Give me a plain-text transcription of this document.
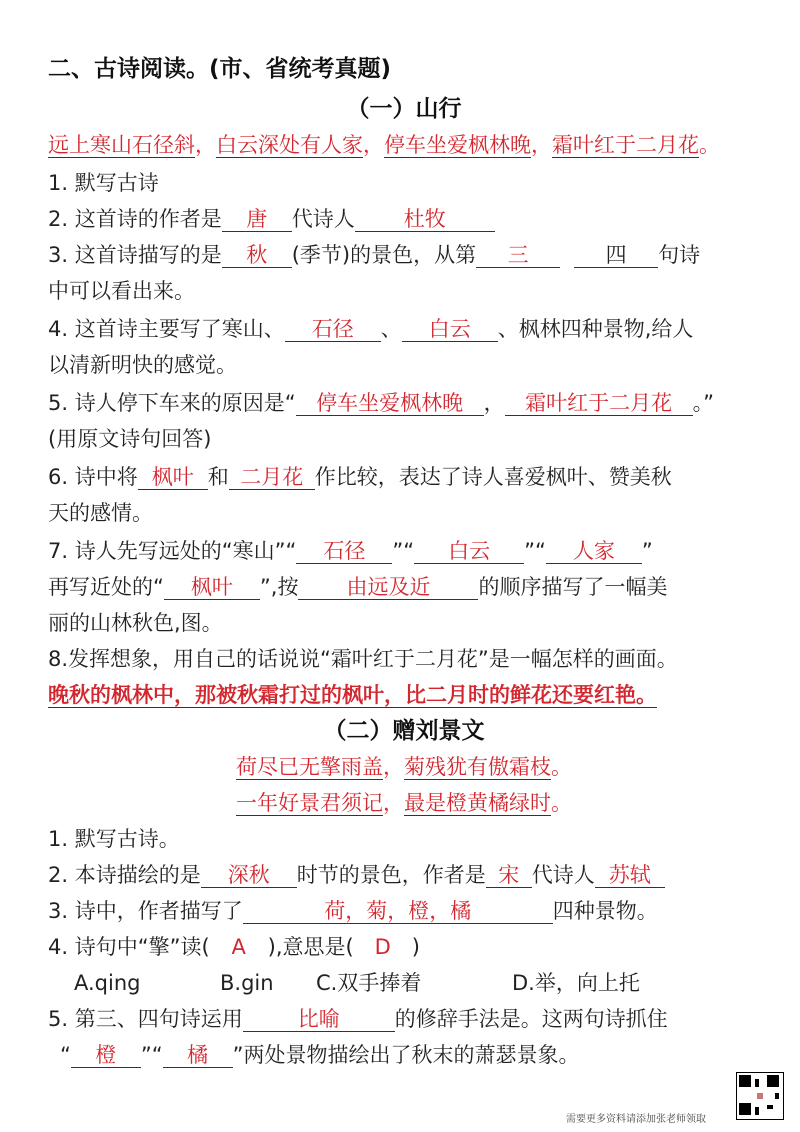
二、古诗阅读。(市、省统考真题)
（一）山行
远上寒山石径斜，白云深处有人家，停车坐爱枫林晚，霜叶红于二月花。
1. 默写古诗
2. 这首诗的作者是 唐 代诗人 杜牧
3. 这首诗描写的是 秋 (季节)的景色，从第 三	四 句诗
中可以看出来。
4. 这首诗主要写了寒山、 石径 、 白云 、枫林四种景物,给人
以清新明快的感觉。
5. 诗人停下车来的原因是“ 停车坐爱枫林晚 ， 霜叶红于二月花 。”
(用原文诗句回答)
6. 诗中将 枫叶 和 二月花 作比较，表达了诗人喜爱枫叶、赞美秋
天的感情。
7. 诗人先写远处的“寒山”“ 石径 ”“ 白云 ”“ 人家 ”
再写近处的“ 枫叶 ”,按 由远及近 的顺序描写了一幅美
丽的山林秋色,图。
8.发挥想象，用自己的话说说“霜叶红于二月花”是一幅怎样的画面。
晚秋的枫林中，那被秋霜打过的枫叶，比二月时的鲜花还要红艳。
（二）赠刘景文
荷尽已无擎雨盖，菊残犹有傲霜枝。
一年好景君须记，最是橙黄橘绿时。
1. 默写古诗。
2. 本诗描绘的是 深秋 时节的景色，作者是 宋 代诗人 苏轼
3. 诗中，作者描写了	荷，菊，橙，橘	四种景物。
4. 诗句中“擎”读( A ),意思是( D )
A.qing	B.gin C.双手捧着	D.举，向上托
5. 第三、四句诗运用	比喻	的修辞手法是。这两句诗抓住
“ 橙 ”“ 橘 ”两处景物描绘出了秋末的萧瑟景象。
需要更多资料请添加张老师领取
